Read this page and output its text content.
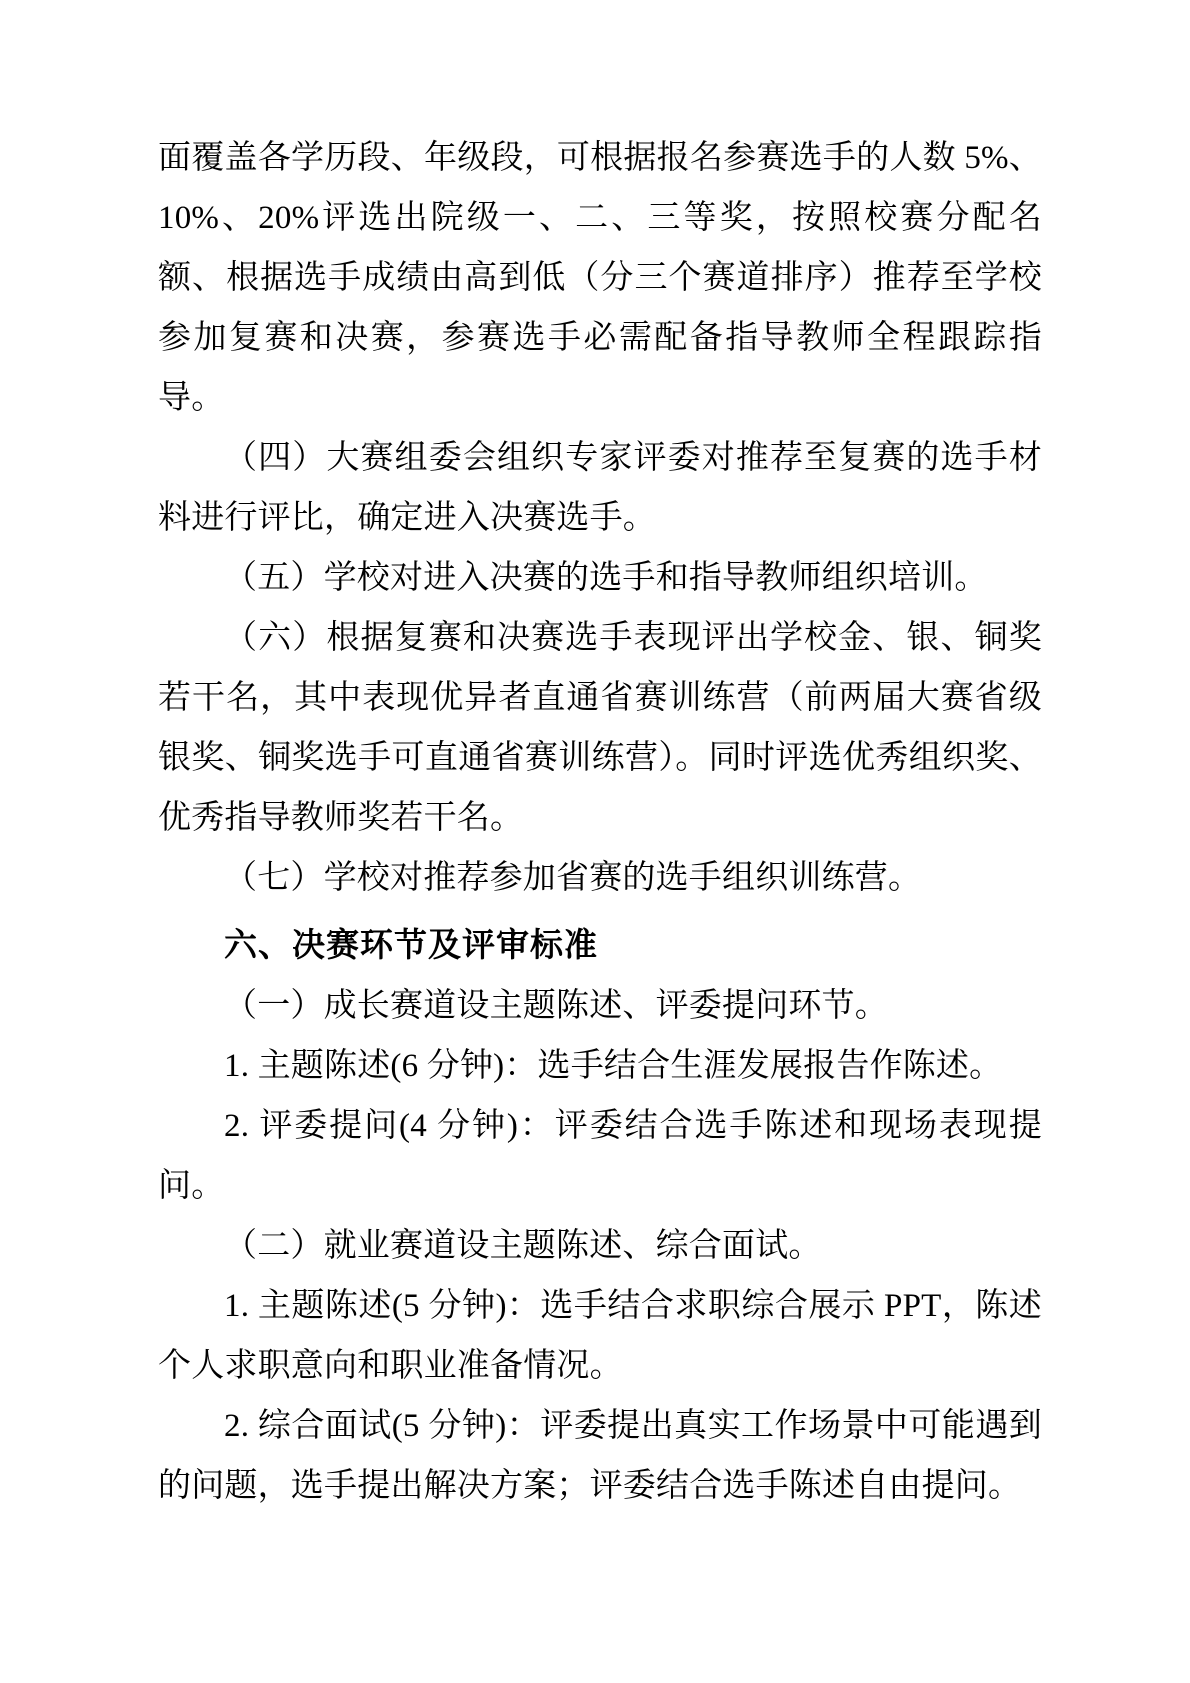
面覆盖各学历段、年级段，可根据报名参赛选手的人数 5%、10%、20%评选出院级一、二、三等奖，按照校赛分配名额、根据选手成绩由高到低（分三个赛道排序）推荐至学校参加复赛和决赛，参赛选手必需配备指导教师全程跟踪指导。

（四）大赛组委会组织专家评委对推荐至复赛的选手材料进行评比，确定进入决赛选手。

（五）学校对进入决赛的选手和指导教师组织培训。

（六）根据复赛和决赛选手表现评出学校金、银、铜奖若干名，其中表现优异者直通省赛训练营（前两届大赛省级银奖、铜奖选手可直通省赛训练营）。同时评选优秀组织奖、优秀指导教师奖若干名。

（七）学校对推荐参加省赛的选手组织训练营。

六、决赛环节及评审标准

（一）成长赛道设主题陈述、评委提问环节。

1. 主题陈述(6 分钟)：选手结合生涯发展报告作陈述。

2. 评委提问(4 分钟)：评委结合选手陈述和现场表现提问。

（二）就业赛道设主题陈述、综合面试。

1. 主题陈述(5 分钟)：选手结合求职综合展示 PPT，陈述个人求职意向和职业准备情况。

2. 综合面试(5 分钟)：评委提出真实工作场景中可能遇到的问题，选手提出解决方案；评委结合选手陈述自由提问。
